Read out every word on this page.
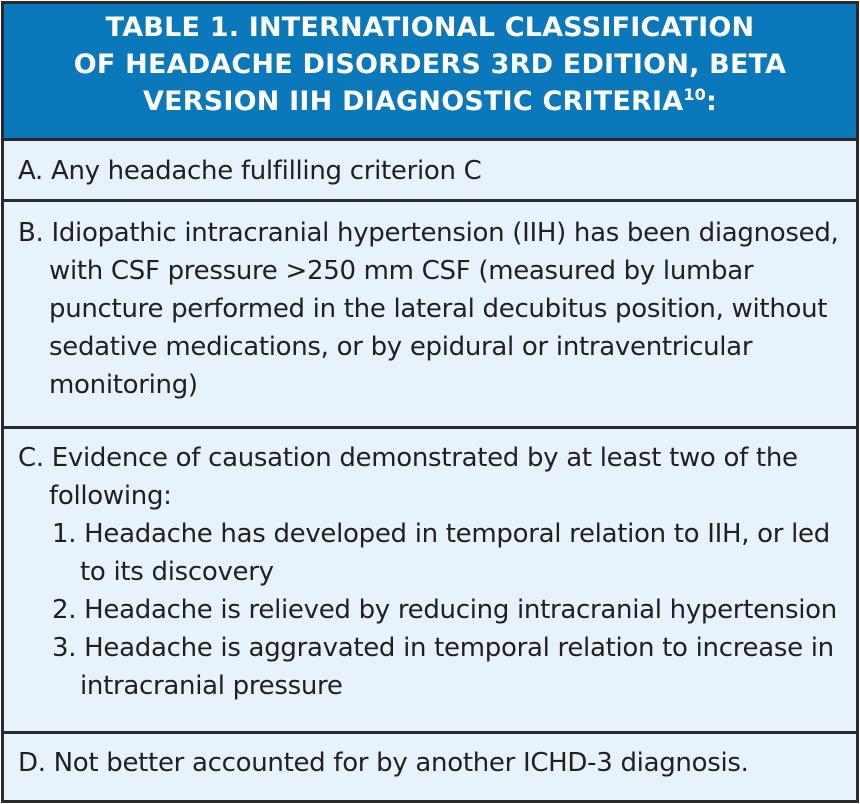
TABLE 1. INTERNATIONAL CLASSIFICATION
OF HEADACHE DISORDERS 3RD EDITION, BETA
VERSION IIH DIAGNOSTIC CRITERIA$^{10}$:
A. Any headache fulfilling criterion C
B. Idiopathic intracranial hypertension (IIH) has been diagnosed, with CSF pressure >250 mm CSF (measured by lumbar puncture performed in the lateral decubitus position, without sedative medications, or by epidural or intraventricular monitoring)
C. Evidence of causation demonstrated by at least two of the following:
1. Headache has developed in temporal relation to IIH, or led to its discovery
2. Headache is relieved by reducing intracranial hypertension
3. Headache is aggravated in temporal relation to increase in intracranial pressure
D. Not better accounted for by another ICHD-3 diagnosis.
